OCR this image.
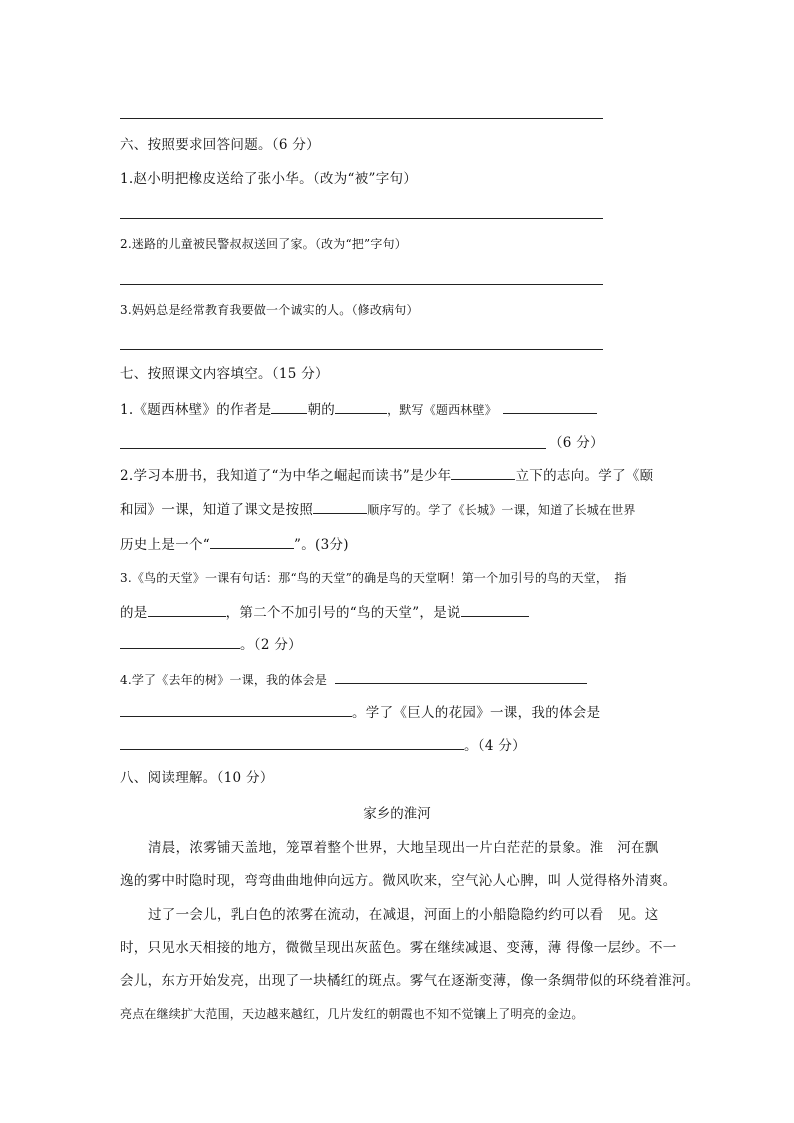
六、按照要求回答问题。（6 分）
1.赵小明把橡皮送给了张小华。（改为“被”字句）
2.迷路的儿童被民警叔叔送回了家。（改为“把”字句）
3.妈妈总是经常教育我要做一个诚实的人。（修改病句）
七、按照课文内容填空。（15 分）
1.《题西林壁》的作者是	朝的	，默写《题西林壁》
（6 分）
2.学习本册书，我知道了“为中华之崛起而读书”是少年	立下的志向。学了《颐
和园》一课，知道了课文是按照	顺序写的。学了《长城》一课，知道了长城在世界
历史上是一个“	”。(3分)
3.《鸟的天堂》一课有句话：那“鸟的天堂”的确是鸟的天堂啊！第一个加引号的鸟的天堂，　指
的是	，第二个不加引号的“鸟的天堂”，是说
。（2 分）
4.学了《去年的树》一课，我的体会是
。学了《巨人的花园》一课，我的体会是
。（4 分）
八、阅读理解。（10 分）
家乡的淮河
清晨，浓雾铺天盖地，笼罩着整个世界，大地呈现出一片白茫茫的景象。淮　河在飘
逸的雾中时隐时现，弯弯曲曲地伸向远方。微风吹来，空气沁人心脾，叫 人觉得格外清爽。
过了一会儿，乳白色的浓雾在流动，在减退，河面上的小船隐隐约约可以看　见。这
时，只见水天相接的地方，微微呈现出灰蓝色。雾在继续减退、变薄，薄 得像一层纱。不一
会儿，东方开始发亮，出现了一块橘红的斑点。雾气在逐渐变薄，像一条绸带似的环绕着淮河。
亮点在继续扩大范围，天边越来越红，几片发红的朝霞也不知不觉镶上了明亮的金边。
